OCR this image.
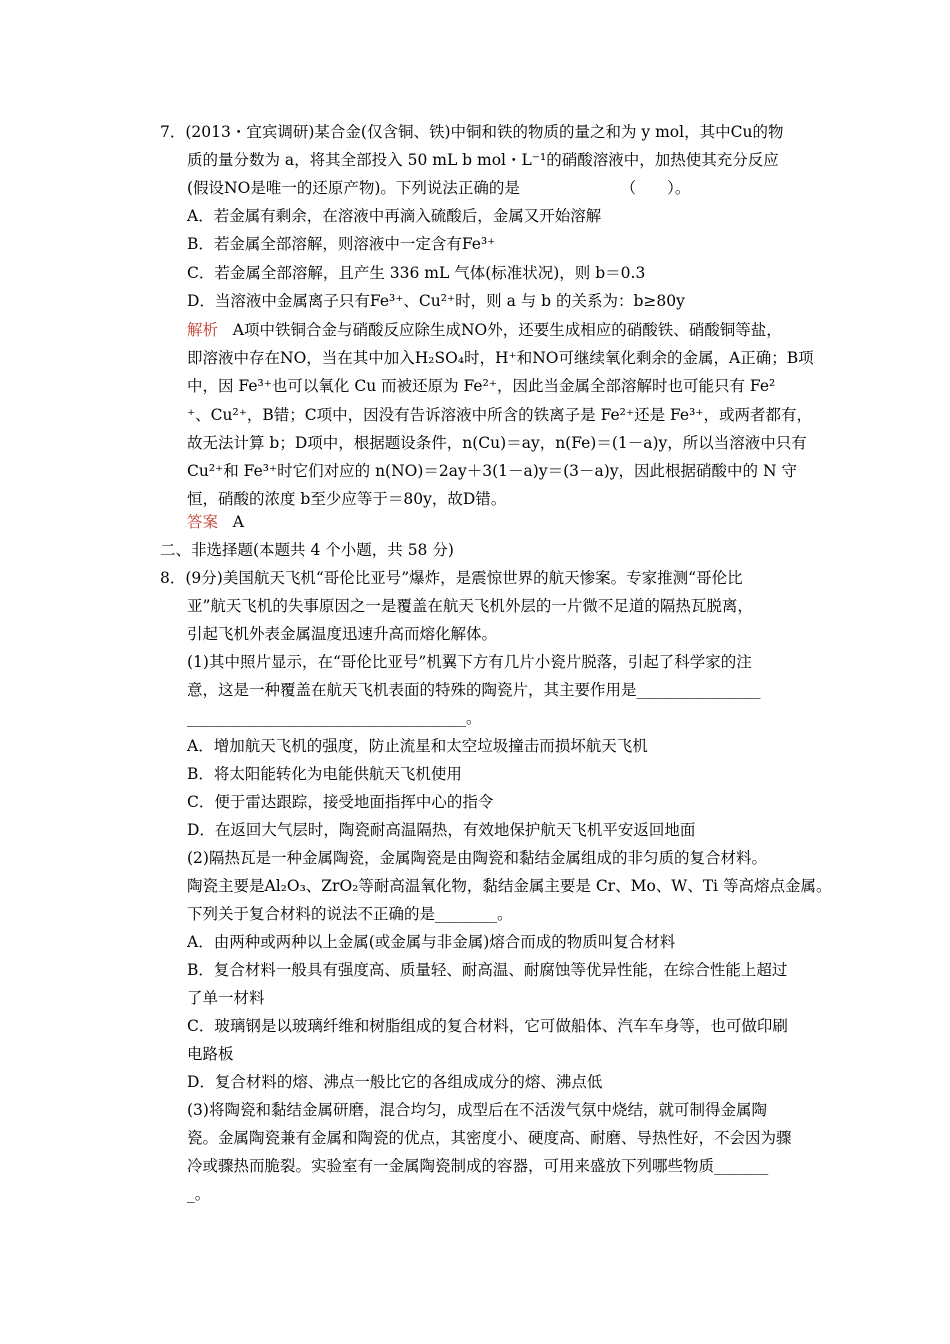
7．(2013・宜宾调研)某合金(仅含铜、铁)中铜和铁的物质的量之和为 y mol，其中Cu的物
质的量分数为 a，将其全部投入 50 mL b mol・L⁻¹的硝酸溶液中，加热使其充分反应
(假设NO是唯一的还原产物)。下列说法正确的是　　　　　　　（　　）。
A．若金属有剩余，在溶液中再滴入硫酸后，金属又开始溶解
B．若金属全部溶解，则溶液中一定含有Fe³⁺
C．若金属全部溶解，且产生 336 mL 气体(标准状况)，则 b＝0.3
D．当溶液中金属离子只有Fe³⁺、Cu²⁺时，则 a 与 b 的关系为：b≥80y
解析 A项中铁铜合金与硝酸反应除生成NO外，还要生成相应的硝酸铁、硝酸铜等盐，
即溶液中存在NO，当在其中加入H₂SO₄时，H⁺和NO可继续氧化剩余的金属，A正确；B项
中，因 Fe³⁺也可以氧化 Cu 而被还原为 Fe²⁺，因此当金属全部溶解时也可能只有 Fe²
⁺、Cu²⁺，B错；C项中，因没有告诉溶液中所含的铁离子是 Fe²⁺还是 Fe³⁺，或两者都有，
故无法计算 b；D项中，根据题设条件，n(Cu)＝ay，n(Fe)＝(1－a)y，所以当溶液中只有
Cu²⁺和 Fe³⁺时它们对应的 n(NO)＝2ay＋3(1－a)y＝(3－a)y，因此根据硝酸中的 N 守
恒，硝酸的浓度 b至少应等于＝80y，故D错。
答案 A
二、非选择题(本题共 4 个小题，共 58 分)
8．(9分)美国航天飞机“哥伦比亚号”爆炸，是震惊世界的航天惨案。专家推测“哥伦比
亚”航天飞机的失事原因之一是覆盖在航天飞机外层的一片微不足道的隔热瓦脱离，
引起飞机外表金属温度迅速升高而熔化解体。
(1)其中照片显示，在“哥伦比亚号”机翼下方有几片小瓷片脱落，引起了科学家的注
意，这是一种覆盖在航天飞机表面的特殊的陶瓷片，其主要作用是________________
____________________________________。
A．增加航天飞机的强度，防止流星和太空垃圾撞击而损坏航天飞机
B．将太阳能转化为电能供航天飞机使用
C．便于雷达跟踪，接受地面指挥中心的指令
D．在返回大气层时，陶瓷耐高温隔热，有效地保护航天飞机平安返回地面
(2)隔热瓦是一种金属陶瓷，金属陶瓷是由陶瓷和黏结金属组成的非匀质的复合材料。
陶瓷主要是Al₂O₃、ZrO₂等耐高温氧化物，黏结金属主要是 Cr、Mo、W、Ti 等高熔点金属。
下列关于复合材料的说法不正确的是________。
A．由两种或两种以上金属(或金属与非金属)熔合而成的物质叫复合材料
B．复合材料一般具有强度高、质量轻、耐高温、耐腐蚀等优异性能，在综合性能上超过
了单一材料
C．玻璃钢是以玻璃纤维和树脂组成的复合材料，它可做船体、汽车车身等，也可做印刷
电路板
D．复合材料的熔、沸点一般比它的各组成成分的熔、沸点低
(3)将陶瓷和黏结金属研磨，混合均匀，成型后在不活泼气氛中烧结，就可制得金属陶
瓷。金属陶瓷兼有金属和陶瓷的优点，其密度小、硬度高、耐磨、导热性好，不会因为骤
冷或骤热而脆裂。实验室有一金属陶瓷制成的容器，可用来盛放下列哪些物质_______
_。
